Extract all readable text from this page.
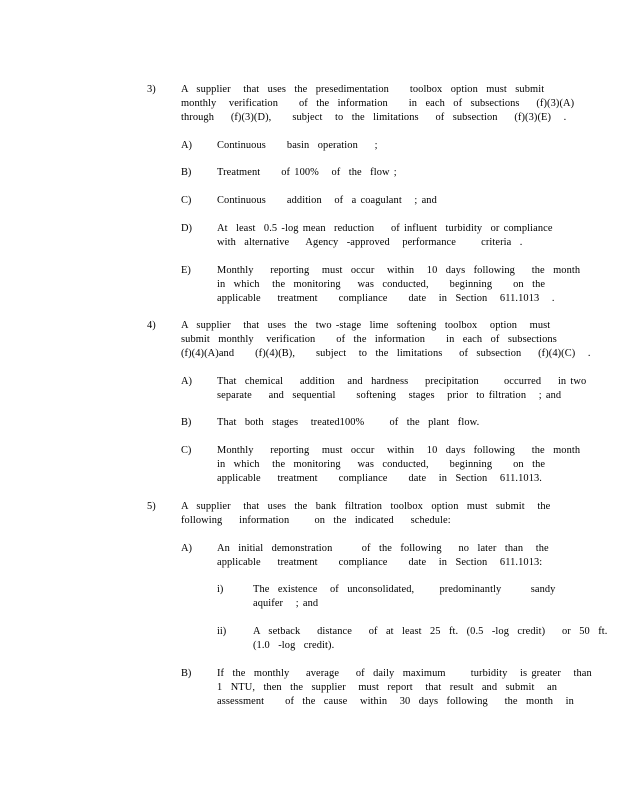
3) A  supplier   that  uses  the  presedimentation     toolbox  option  must  submit
monthly   verification     of  the  information     in  each  of  subsections    (f)(3)(A)
through    (f)(3)(D),     subject   to  the  limitations    of  subsection    (f)(3)(E)   .
A) Continuous     basin  operation    ;
B) Treatment     of 100%   of  the  flow ;
C) Continuous     addition   of  a coagulant   ; and
D) At  least  0.5 -log mean  reduction    of influent  turbidity  or compliance
with  alternative    Agency  -approved   performance      criteria  .
E)	Monthly    reporting   must  occur   within   10  days  following    the  month
in  which   the  monitoring    was  conducted,     beginning     on  the
applicable    treatment     compliance     date   in  Section   611.1013   .
4) A  supplier   that  uses  the  two -stage  lime  softening  toolbox   option   must
submit  monthly   verification     of  the  information     in  each  of  subsections
(f)(4)(A)and     (f)(4)(B),     subject   to  the  limitations    of  subsection    (f)(4)(C)   .
A) That  chemical    addition   and  hardness    precipitation      occurred    in two
separate    and  sequential     softening   stages   prior  to filtration   ; and
B) That  both  stages   treated100%      of  the  plant  flow.
C) Monthly    reporting   must  occur   within   10  days  following    the  month
in  which   the  monitoring    was  conducted,     beginning     on  the
applicable    treatment     compliance     date   in  Section   611.1013.
5) A  supplier   that  uses  the  bank  filtration  toolbox  option  must  submit   the
following    information      on  the  indicated    schedule:
A) An  initial  demonstration       of  the  following    no  later  than   the
applicable    treatment     compliance     date   in  Section   611.1013:
i)	The  existence   of  unconsolidated,      predominantly       sandy
aquifer   ; and
ii)	A  setback    distance    of  at  least  25  ft.  (0.5  -log  credit)    or  50  ft.
(1.0  -log  credit).
B) If  the  monthly    average    of  daily  maximum      turbidity   is greater   than
1  NTU,  then  the  supplier   must  report   that  result  and  submit   an
assessment     of  the  cause   within   30  days  following    the  month   in
